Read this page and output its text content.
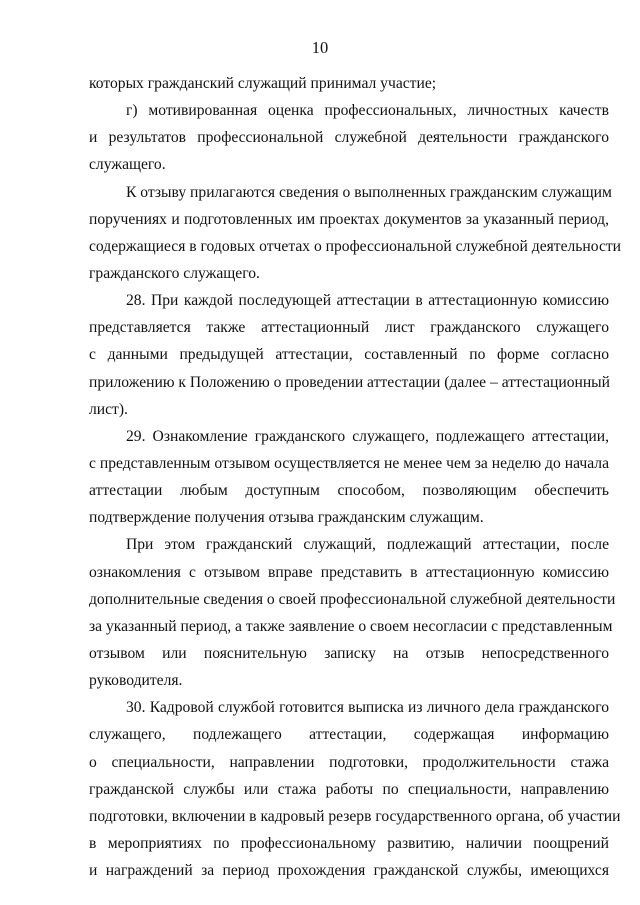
10
которых гражданский служащий принимал участие;
г) мотивированная оценка профессиональных, личностных качеств
и результатов профессиональной служебной деятельности гражданского
служащего.
К отзыву прилагаются сведения о выполненных гражданским служащим
поручениях и подготовленных им проектах документов за указанный период,
содержащиеся в годовых отчетах о профессиональной служебной деятельности
гражданского служащего.
28. При каждой последующей аттестации в аттестационную комиссию
представляется также аттестационный лист гражданского служащего
с данными предыдущей аттестации, составленный по форме согласно
приложению к Положению о проведении аттестации (далее – аттестационный
лист).
29. Ознакомление гражданского служащего, подлежащего аттестации,
с представленным отзывом осуществляется не менее чем за неделю до начала
аттестации любым доступным способом, позволяющим обеспечить
подтверждение получения отзыва гражданским служащим.
При этом гражданский служащий, подлежащий аттестации, после
ознакомления с отзывом вправе представить в аттестационную комиссию
дополнительные сведения о своей профессиональной служебной деятельности
за указанный период, а также заявление о своем несогласии с представленным
отзывом или пояснительную записку на отзыв непосредственного
руководителя.
30. Кадровой службой готовится выписка из личного дела гражданского
служащего, подлежащего аттестации, содержащая информацию
о специальности, направлении подготовки, продолжительности стажа
гражданской службы или стажа работы по специальности, направлению
подготовки, включении в кадровый резерв государственного органа, об участии
в мероприятиях по профессиональному развитию, наличии поощрений
и награждений за период прохождения гражданской службы, имеющихся
